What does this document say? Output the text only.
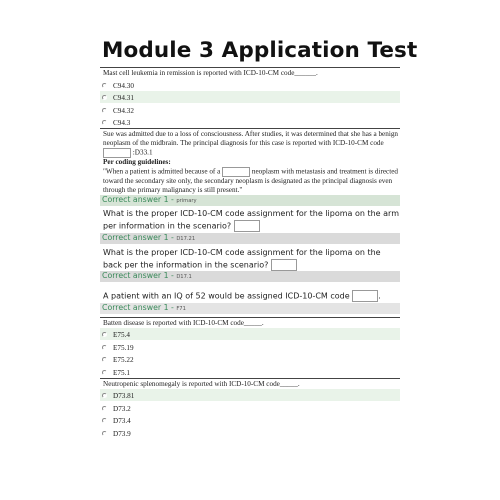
Module 3 Application Test
Mast cell leukemia in remission is reported with ICD-10-CM code______.
C94.30
C94.31
C94.32
C94.3
Sue was admitted due to a loss of consciousness. After studies, it was determined that she has a benign neoplasm of the midbrain. The principal diagnosis for this case is reported with ICD-10-CM code  :D33.1
Per coding guidelines:
"When a patient is admitted because of a	neoplasm with metastasis and treatment is directed toward the secondary site only, the secondary neoplasm is designated as the principal diagnosis even through the primary malignancy is still present."
Correct answer 1 - primary
What is the proper ICD-10-CM code assignment for the lipoma on the arm per information in the scenario?
Correct answer 1 - D17.21
What is the proper ICD-10-CM code assignment for the lipoma on the back per the information in the scenario?
Correct answer 1 - D17.1
A patient with an IQ of 52 would be assigned ICD-10-CM code	.
Correct answer 1 - F71
Batten disease is reported with ICD-10-CM code_____.
E75.4
E75.19
E75.22
E75.1
Neutropenic splenomegaly is reported with ICD-10-CM code_____.
D73.81
D73.2
D73.4
D73.9
